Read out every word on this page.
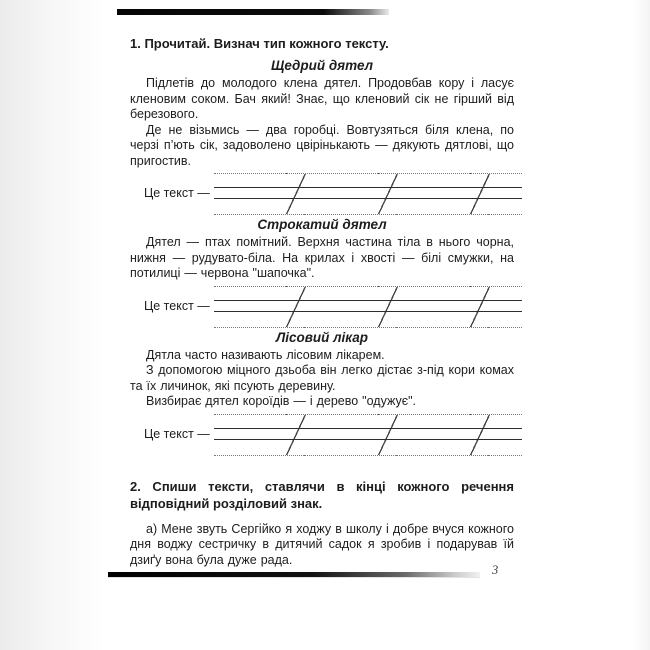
1. Прочитай. Визнач тип кожного тексту.
Щедрий дятел

Підлетів до молодого клена дятел. Продовбав кору і ласує кленовим соком. Бач який! Знає, що кленовий сік не гірший від березового.

Де не візьмись — два горобці. Вовтузяться біля клена, по черзі п’ють сік, задоволено цвірінькають — дякують дятлові, що пригостив.

Це текст —
Строкатий дятел

Дятел — птах помітний. Верхня частина тіла в нього чорна, нижня — рудувато-біла. На крилах і хвості — білі смужки, на потилиці — червона "шапочка".

Це текст —
Лісовий лікар

Дятла часто називають лісовим лікарем.

З допомогою міцного дзьоба він легко дістає з-під кори комах та їх личинок, які псують деревину.

Визбирає дятел короїдів — і дерево "одужує".

Це текст —
2. Спиши тексти, ставлячи в кінці кожного речення відповідний розділовий знак.

а) Мене звуть Сергійко я ходжу в школу і добре вчуся кожного дня воджу сестричку в дитячий садок я зробив і подарував їй дзиґу вона була дуже рада.

3
